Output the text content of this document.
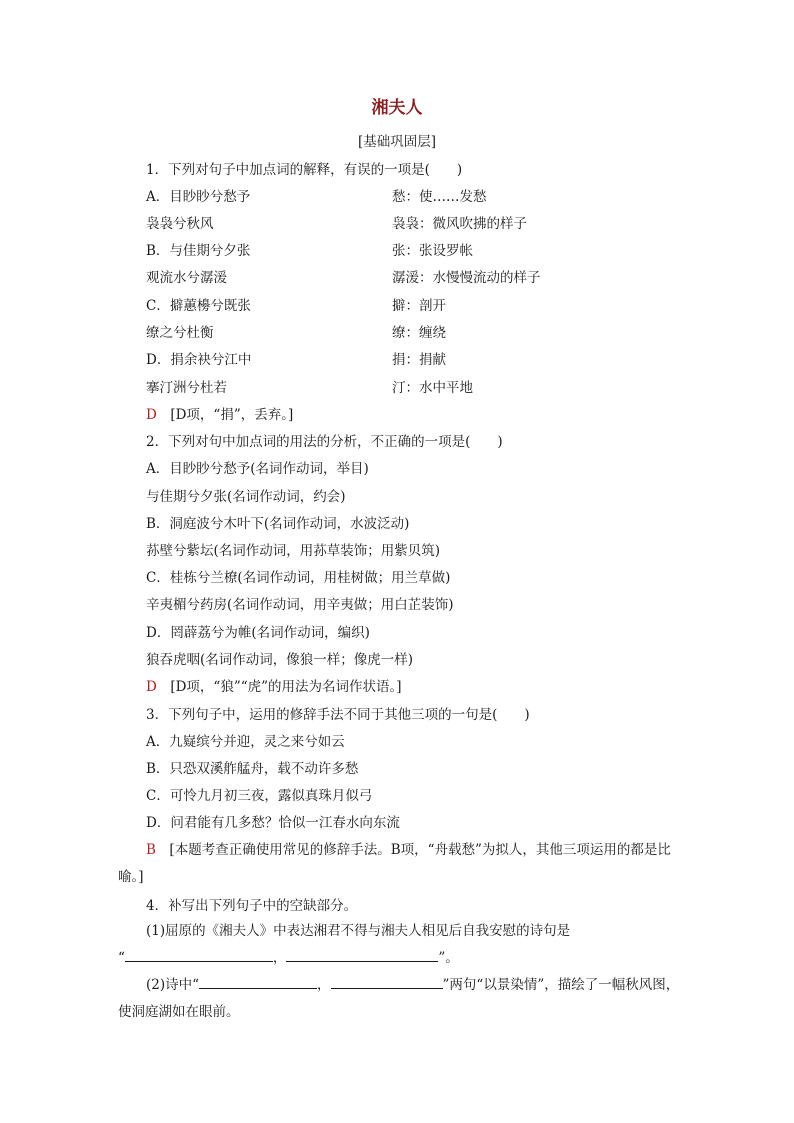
湘夫人
[基础巩固层]
1．下列对句子中加点词的解释，有误的一项是(　　)
A．目眇眇兮愁予	愁：使……发愁
袅袅兮秋风	袅袅：微风吹拂的样子
B．与佳期兮夕张	张：张设罗帐
观流水兮潺湲	潺湲：水慢慢流动的样子
C．擗蕙櫋兮既张	擗：剖开
缭之兮杜衡	缭：缠绕
D．捐余袂兮江中	捐：捐献
搴汀洲兮杜若	汀：水中平地
D　 [D项，“捐”，丢弃。]
2．下列对句中加点词的用法的分析，不正确的一项是(　　)
A．目眇眇兮愁予(名词作动词，举目)
与佳期兮夕张(名词作动词，约会)
B．洞庭波兮木叶下(名词作动词，水波泛动)
荪壁兮紫坛(名词作动词，用荪草装饰；用紫贝筑)
C．桂栋兮兰橑(名词作动词，用桂树做；用兰草做)
辛夷楣兮药房(名词作动词，用辛夷做；用白芷装饰)
D．罔薜荔兮为帷(名词作动词，编织)
狼吞虎咽(名词作动词，像狼一样；像虎一样)
D　 [D项，“狼”“虎”的用法为名词作状语。]
3．下列句子中，运用的修辞手法不同于其他三项的一句是(　　)
A．九嶷缤兮并迎，灵之来兮如云
B．只恐双溪舴艋舟，载不动许多愁
C．可怜九月初三夜，露似真珠月似弓
D．问君能有几多愁？恰似一江春水向东流
B　 [本题考查正确使用常见的修辞手法。B项，“舟载愁”为拟人，其他三项运用的都是比喻。]
4．补写出下列句子中的空缺部分。
(1)屈原的《湘夫人》中表达湘君不得与湘夫人相见后自我安慰的诗句是
“	，	”。
(2)诗中“	，	”两句“以景染情”，描绘了一幅秋风图，使洞庭湖如在眼前。
